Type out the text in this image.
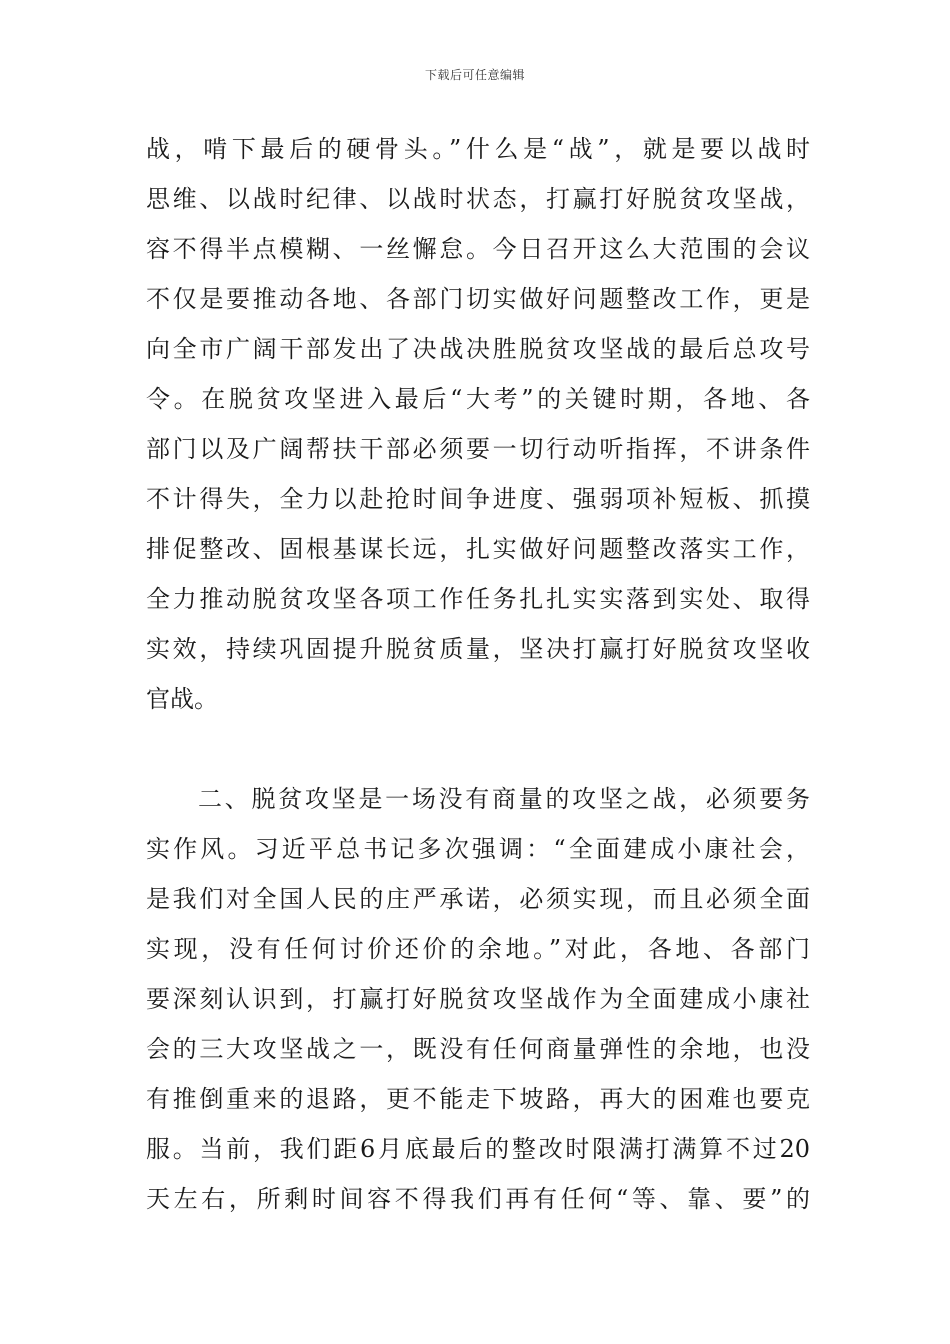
下载后可任意编辑
战，啃下最后的硬骨头。”什么是“战”，就是要以战时
思维、以战时纪律、以战时状态，打赢打好脱贫攻坚战，
容不得半点模糊、一丝懈怠。今日召开这么大范围的会议
不仅是要推动各地、各部门切实做好问题整改工作，更是
向全市广阔干部发出了决战决胜脱贫攻坚战的最后总攻号
令。在脱贫攻坚进入最后“大考”的关键时期，各地、各
部门以及广阔帮扶干部必须要一切行动听指挥，不讲条件
不计得失，全力以赴抢时间争进度、强弱项补短板、抓摸
排促整改、固根基谋长远，扎实做好问题整改落实工作，
全力推动脱贫攻坚各项工作任务扎扎实实落到实处、取得
实效，持续巩固提升脱贫质量，坚决打赢打好脱贫攻坚收
官战。
二、脱贫攻坚是一场没有商量的攻坚之战，必须要务
实作风。习近平总书记多次强调：“全面建成小康社会，
是我们对全国人民的庄严承诺，必须实现，而且必须全面
实现，没有任何讨价还价的余地。”对此，各地、各部门
要深刻认识到，打赢打好脱贫攻坚战作为全面建成小康社
会的三大攻坚战之一，既没有任何商量弹性的余地，也没
有推倒重来的退路，更不能走下坡路，再大的困难也要克
服。当前，我们距6月底最后的整改时限满打满算不过20
天左右，所剩时间容不得我们再有任何“等、靠、要”的
